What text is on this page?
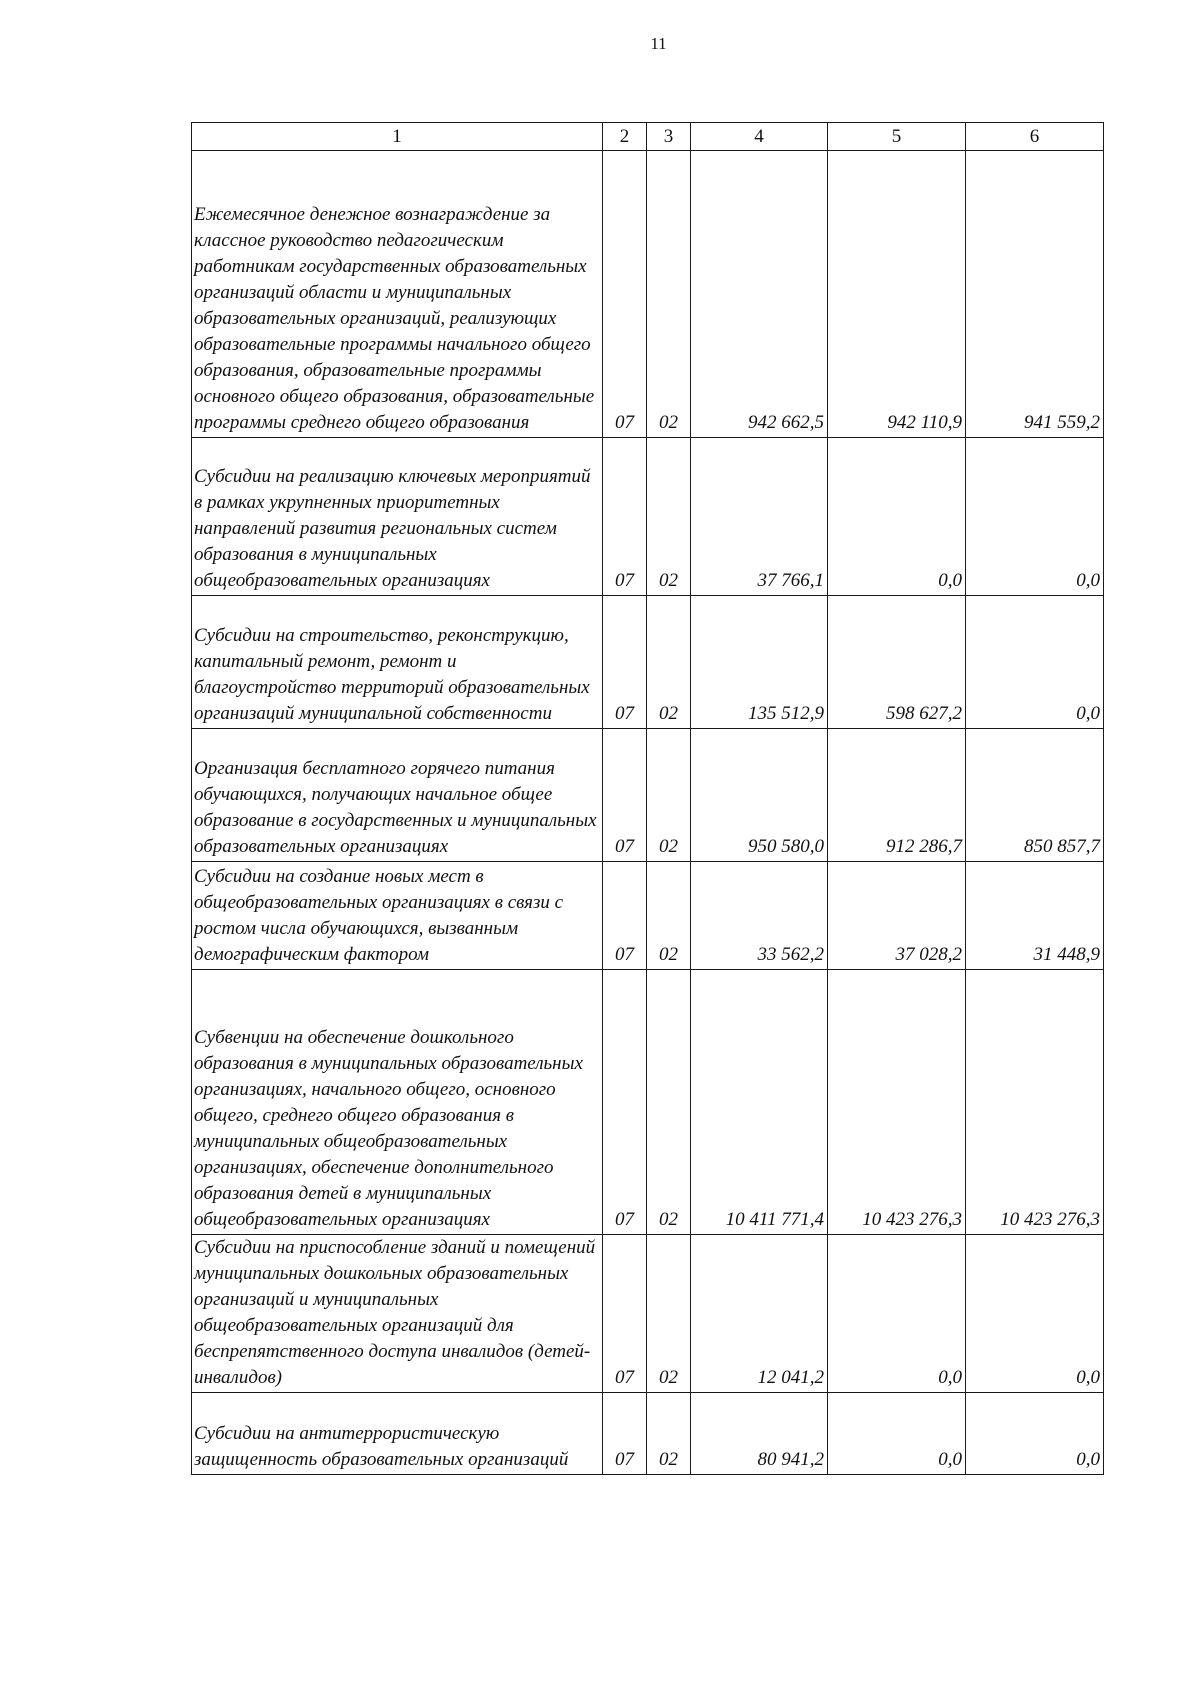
11
1	2	3	4	5	6
Ежемесячное денежное вознаграждение за классное руководство педагогическим работникам государственных образовательных организаций области и муниципальных образовательных организаций, реализующих образовательные программы начального общего образования, образовательные программы основного общего образования, образовательные программы среднего общего образования	07	02	942 662,5	942 110,9	941 559,2
Субсидии на реализацию ключевых мероприятий в рамках укрупненных приоритетных направлений развития региональных систем образования в муниципальных общеобразовательных организациях	07	02	37 766,1	0,0	0,0
Субсидии на строительство, реконструкцию, капитальный ремонт, ремонт и благоустройство территорий образовательных организаций муниципальной собственности	07	02	135 512,9	598 627,2	0,0
Организация бесплатного горячего питания обучающихся, получающих начальное общее образование в государственных и муниципальных образовательных организациях	07	02	950 580,0	912 286,7	850 857,7
Субсидии на создание новых мест в общеобразовательных организациях в связи с ростом числа обучающихся, вызванным демографическим фактором	07	02	33 562,2	37 028,2	31 448,9
Субвенции на обеспечение дошкольного образования в муниципальных образовательных организациях, начального общего, основного общего, среднего общего образования в муниципальных общеобразовательных организациях, обеспечение дополнительного образования детей в муниципальных общеобразовательных организациях	07	02	10 411 771,4	10 423 276,3	10 423 276,3
Субсидии на приспособление зданий и помещений муниципальных дошкольных образовательных организаций и муниципальных общеобразовательных организаций для беспрепятственного доступа инвалидов (детей-инвалидов)	07	02	12 041,2	0,0	0,0
Субсидии на антитеррористическую защищенность образовательных организаций	07	02	80 941,2	0,0	0,0
